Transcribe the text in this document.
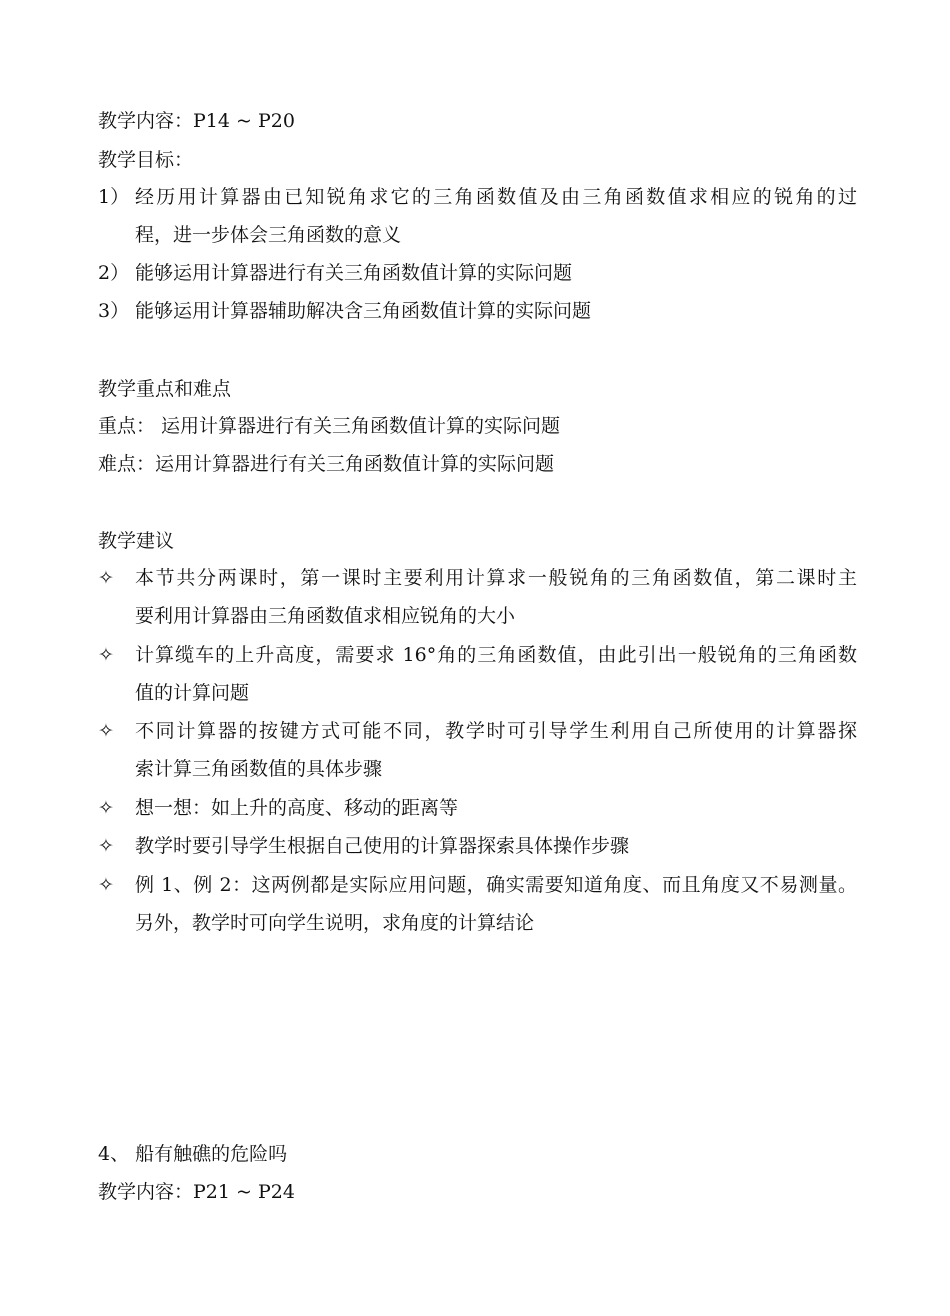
教学内容：P14 ~ P20
教学目标：
1） 经历用计算器由已知锐角求它的三角函数值及由三角函数值求相应的锐角的过
程，进一步体会三角函数的意义
2） 能够运用计算器进行有关三角函数值计算的实际问题
3） 能够运用计算器辅助解决含三角函数值计算的实际问题
教学重点和难点
重点： 运用计算器进行有关三角函数值计算的实际问题
难点：运用计算器进行有关三角函数值计算的实际问题
教学建议
✧ 本节共分两课时，第一课时主要利用计算求一般锐角的三角函数值，第二课时主
要利用计算器由三角函数值求相应锐角的大小
✧ 计算缆车的上升高度，需要求 16°角的三角函数值，由此引出一般锐角的三角函数
值的计算问题
✧ 不同计算器的按键方式可能不同，教学时可引导学生利用自己所使用的计算器探
索计算三角函数值的具体步骤
✧ 想一想：如上升的高度、移动的距离等
✧ 教学时要引导学生根据自己使用的计算器探索具体操作步骤
✧ 例 1、例 2：这两例都是实际应用问题，确实需要知道角度、而且角度又不易测量。
另外，教学时可向学生说明，求角度的计算结论
4、 船有触礁的危险吗
教学内容：P21 ~ P24
